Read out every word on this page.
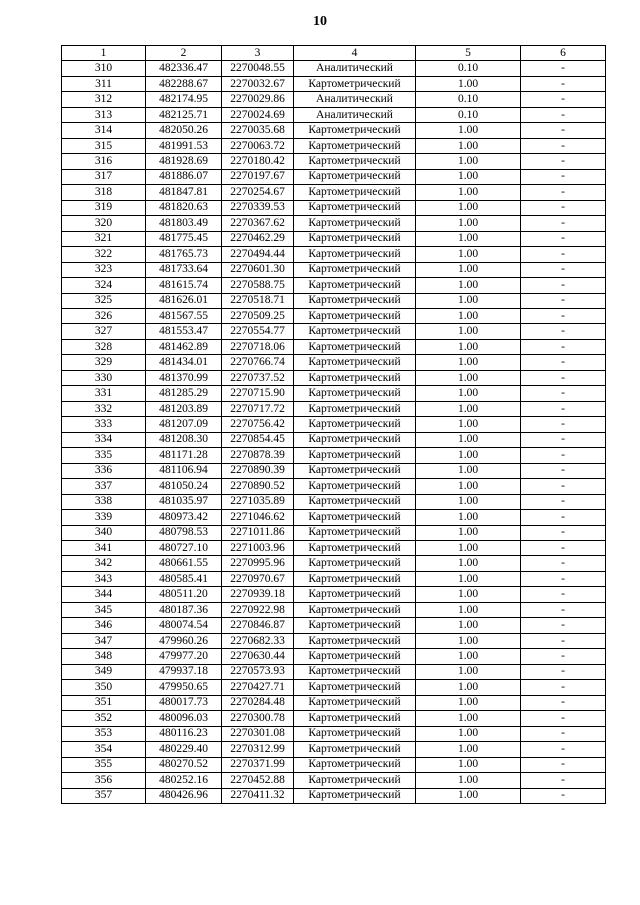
10
1	2	3	4	5	6
310	482336.47	2270048.55	Аналитический	0.10	-
311	482288.67	2270032.67	Картометрический	1.00	-
312	482174.95	2270029.86	Аналитический	0.10	-
313	482125.71	2270024.69	Аналитический	0.10	-
314	482050.26	2270035.68	Картометрический	1.00	-
315	481991.53	2270063.72	Картометрический	1.00	-
316	481928.69	2270180.42	Картометрический	1.00	-
317	481886.07	2270197.67	Картометрический	1.00	-
318	481847.81	2270254.67	Картометрический	1.00	-
319	481820.63	2270339.53	Картометрический	1.00	-
320	481803.49	2270367.62	Картометрический	1.00	-
321	481775.45	2270462.29	Картометрический	1.00	-
322	481765.73	2270494.44	Картометрический	1.00	-
323	481733.64	2270601.30	Картометрический	1.00	-
324	481615.74	2270588.75	Картометрический	1.00	-
325	481626.01	2270518.71	Картометрический	1.00	-
326	481567.55	2270509.25	Картометрический	1.00	-
327	481553.47	2270554.77	Картометрический	1.00	-
328	481462.89	2270718.06	Картометрический	1.00	-
329	481434.01	2270766.74	Картометрический	1.00	-
330	481370.99	2270737.52	Картометрический	1.00	-
331	481285.29	2270715.90	Картометрический	1.00	-
332	481203.89	2270717.72	Картометрический	1.00	-
333	481207.09	2270756.42	Картометрический	1.00	-
334	481208.30	2270854.45	Картометрический	1.00	-
335	481171.28	2270878.39	Картометрический	1.00	-
336	481106.94	2270890.39	Картометрический	1.00	-
337	481050.24	2270890.52	Картометрический	1.00	-
338	481035.97	2271035.89	Картометрический	1.00	-
339	480973.42	2271046.62	Картометрический	1.00	-
340	480798.53	2271011.86	Картометрический	1.00	-
341	480727.10	2271003.96	Картометрический	1.00	-
342	480661.55	2270995.96	Картометрический	1.00	-
343	480585.41	2270970.67	Картометрический	1.00	-
344	480511.20	2270939.18	Картометрический	1.00	-
345	480187.36	2270922.98	Картометрический	1.00	-
346	480074.54	2270846.87	Картометрический	1.00	-
347	479960.26	2270682.33	Картометрический	1.00	-
348	479977.20	2270630.44	Картометрический	1.00	-
349	479937.18	2270573.93	Картометрический	1.00	-
350	479950.65	2270427.71	Картометрический	1.00	-
351	480017.73	2270284.48	Картометрический	1.00	-
352	480096.03	2270300.78	Картометрический	1.00	-
353	480116.23	2270301.08	Картометрический	1.00	-
354	480229.40	2270312.99	Картометрический	1.00	-
355	480270.52	2270371.99	Картометрический	1.00	-
356	480252.16	2270452.88	Картометрический	1.00	-
357	480426.96	2270411.32	Картометрический	1.00	-
